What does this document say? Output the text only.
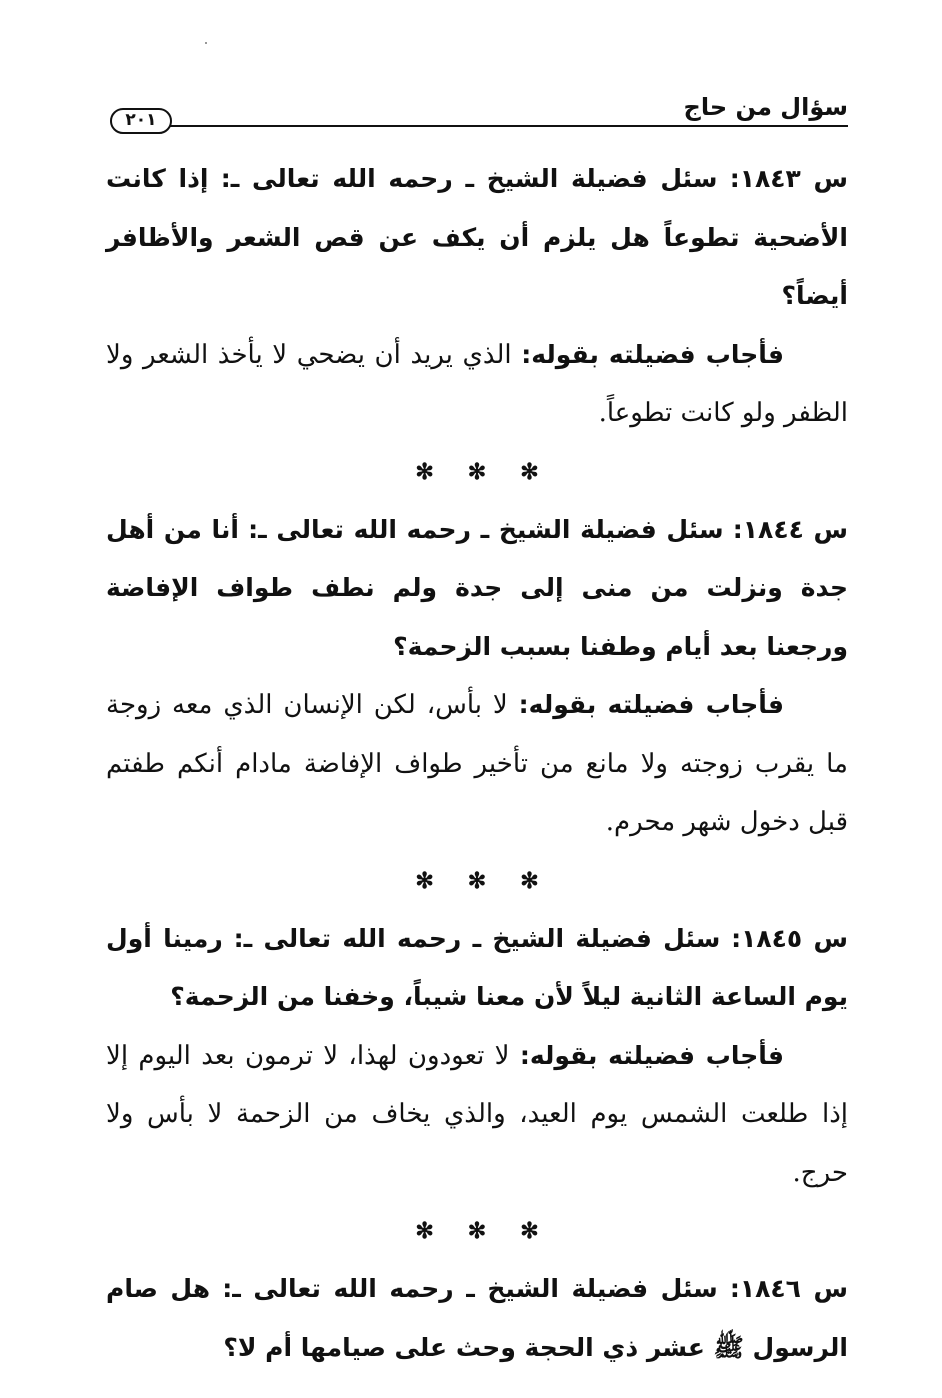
سؤال من حاج
٢٠١

س ١٨٤٣: سئل فضيلة الشيخ ـ رحمه الله تعالى ـ: إذا كانت الأضحية تطوعاً هل يلزم أن يكف عن قص الشعر والأظافر أيضاً؟

فأجاب فضيلته بقوله: الذي يريد أن يضحي لا يأخذ الشعر ولا الظفر ولو كانت تطوعاً.

✻✻✻

س ١٨٤٤: سئل فضيلة الشيخ ـ رحمه الله تعالى ـ: أنا من أهل جدة ونزلت من منى إلى جدة ولم نطف طواف الإفاضة ورجعنا بعد أيام وطفنا بسبب الزحمة؟

فأجاب فضيلته بقوله: لا بأس، لكن الإنسان الذي معه زوجة ما يقرب زوجته ولا مانع من تأخير طواف الإفاضة مادام أنكم طفتم قبل دخول شهر محرم.

✻✻✻

س ١٨٤٥: سئل فضيلة الشيخ ـ رحمه الله تعالى ـ: رمينا أول يوم الساعة الثانية ليلاً لأن معنا شيباً، وخفنا من الزحمة؟

فأجاب فضيلته بقوله: لا تعودون لهذا، لا ترمون بعد اليوم إلا إذا طلعت الشمس يوم العيد، والذي يخاف من الزحمة لا بأس ولا حرج.

✻✻✻

س ١٨٤٦: سئل فضيلة الشيخ ـ رحمه الله تعالى ـ: هل صام الرسول ﷺ عشر ذي الحجة وحث على صيامها أم لا؟
